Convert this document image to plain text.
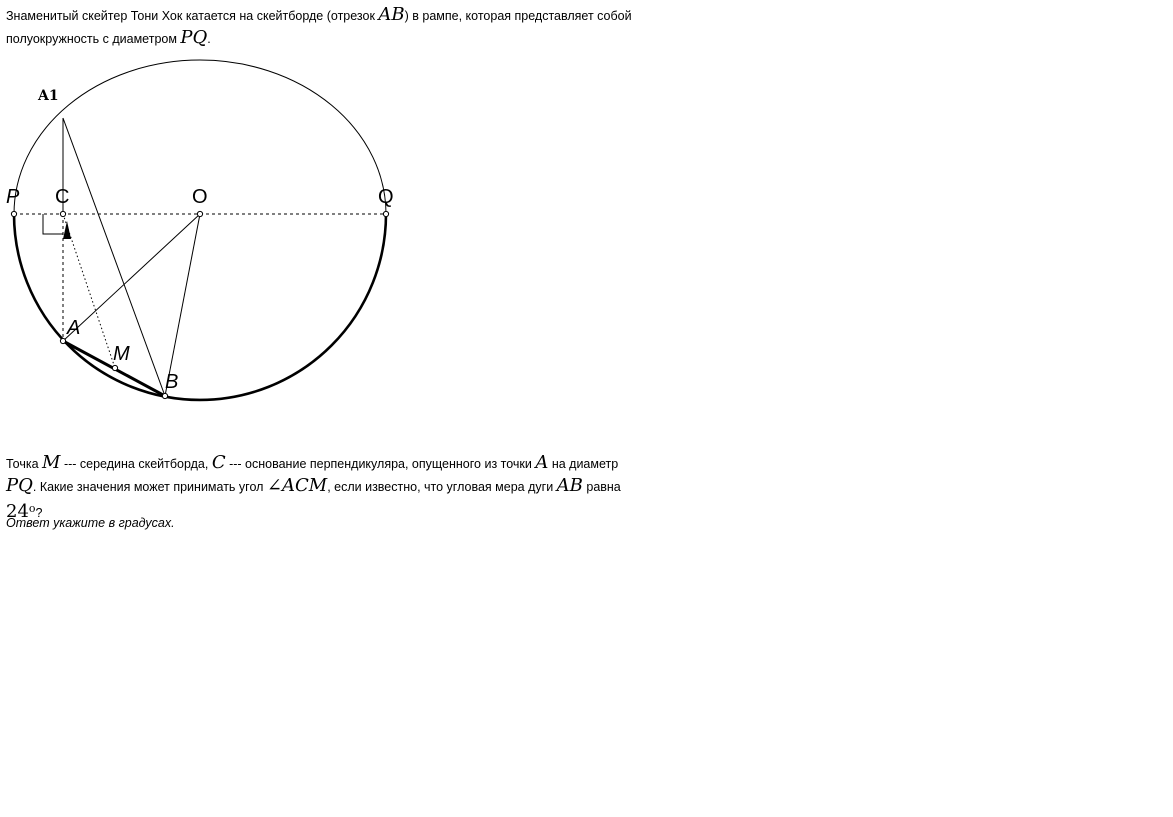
Знаменитый скейтер Тони Хок катается на скейтборде (отрезок AB) в рампе, которая представляет собой полуокружность с диаметром PQ.

A1
P C	O	Q
A
M
B

Точка M --- середина скейтборда, C --- основание перпендикуляра, опущенного из точки A на диаметр PQ. Какие значения может принимать угол ∠ACM, если известно, что угловая мера дуги AB равна 24$^o$?

Ответ укажите в градусах.
